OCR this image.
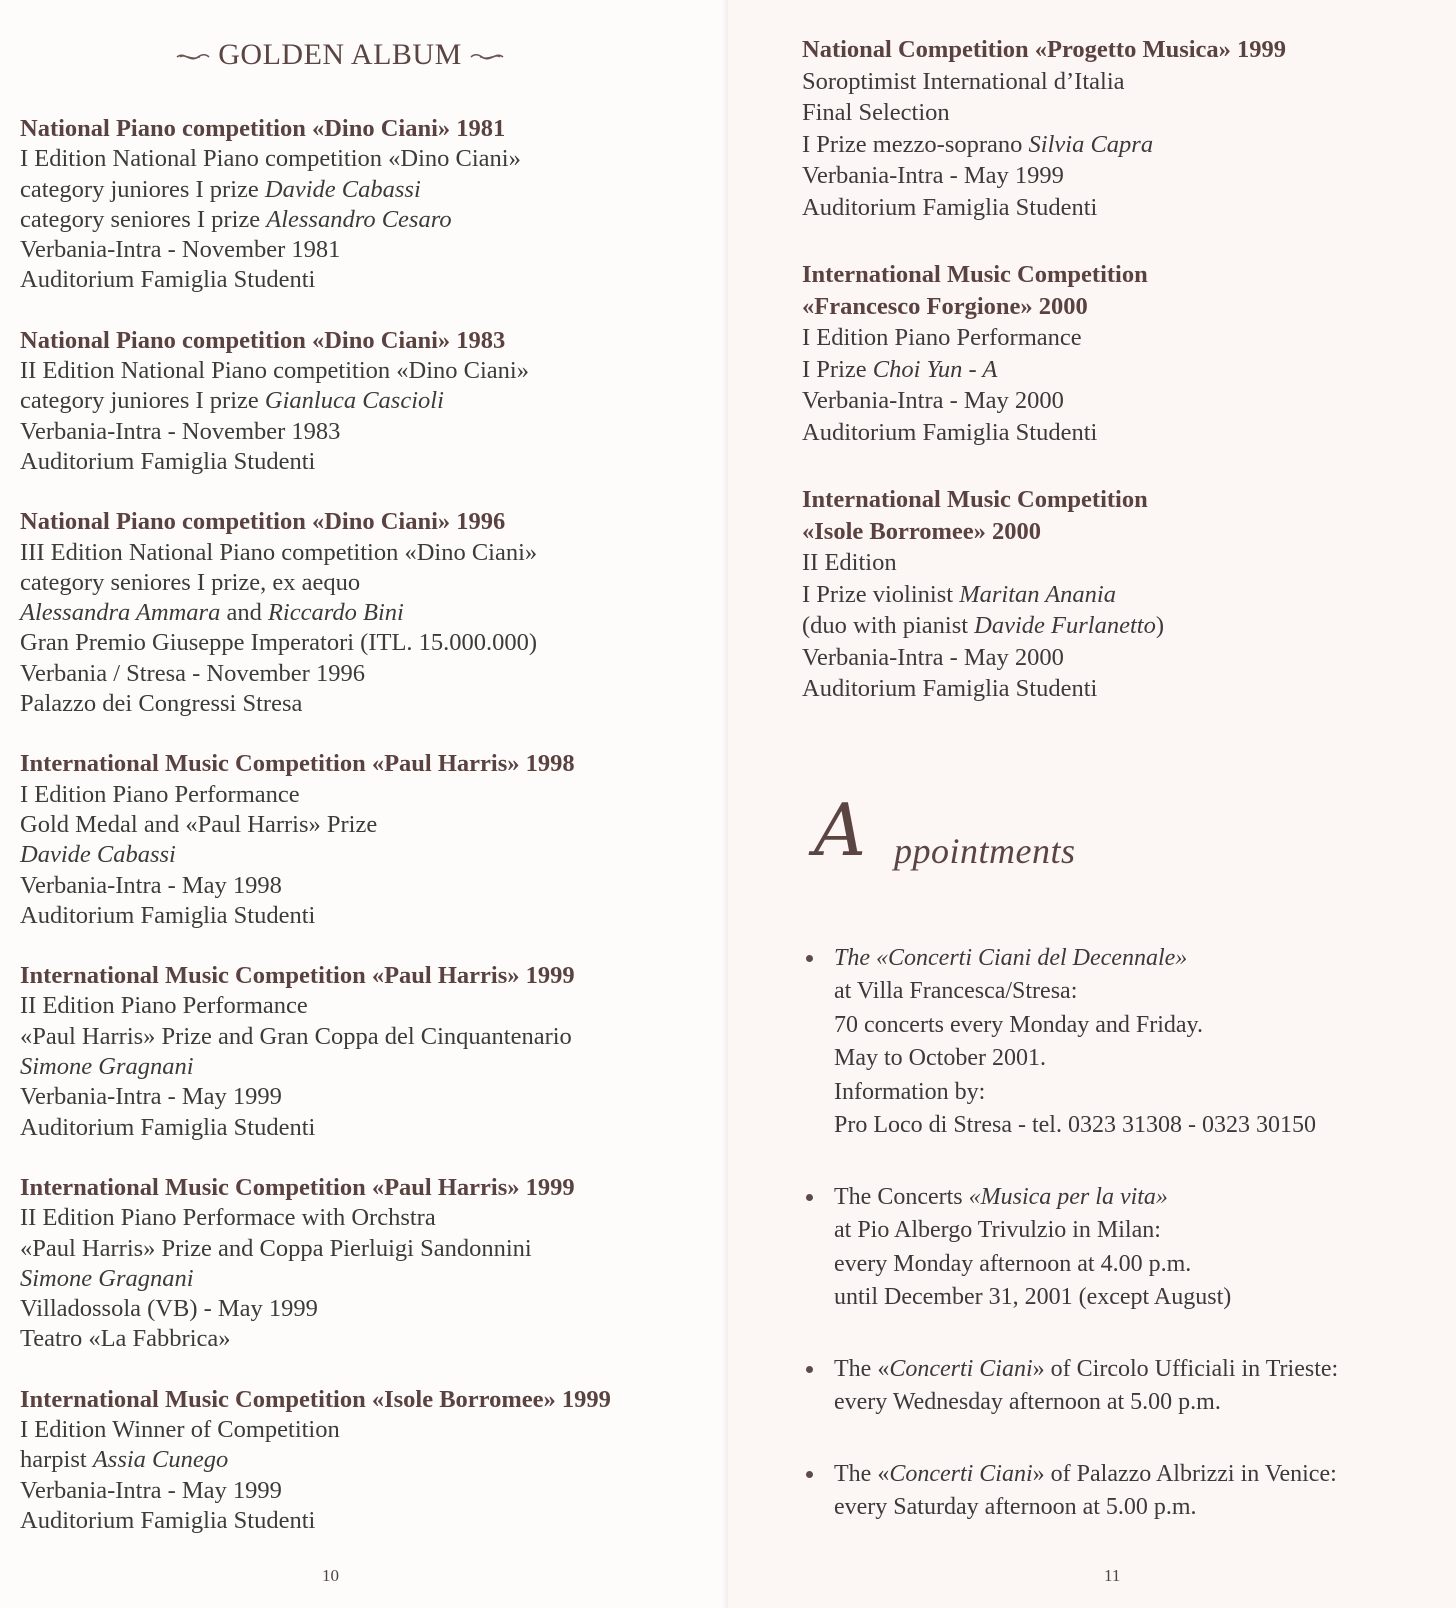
GOLDEN ALBUM
National Piano competition «Dino Ciani» 1981
I Edition National Piano competition «Dino Ciani»
category juniores I prize Davide Cabassi
category seniores I prize Alessandro Cesaro
Verbania-Intra - November 1981
Auditorium Famiglia Studenti
National Piano competition «Dino Ciani» 1983
II Edition National Piano competition «Dino Ciani»
category juniores I prize Gianluca Cascioli
Verbania-Intra - November 1983
Auditorium Famiglia Studenti
National Piano competition «Dino Ciani» 1996
III Edition National Piano competition «Dino Ciani»
category seniores I prize, ex aequo
Alessandra Ammara and Riccardo Bini
Gran Premio Giuseppe Imperatori (ITL. 15.000.000)
Verbania / Stresa - November 1996
Palazzo dei Congressi Stresa
International Music Competition «Paul Harris» 1998
I Edition Piano Performance
Gold Medal and «Paul Harris» Prize
Davide Cabassi
Verbania-Intra - May 1998
Auditorium Famiglia Studenti
International Music Competition «Paul Harris» 1999
II Edition Piano Performance
«Paul Harris» Prize and Gran Coppa del Cinquantenario
Simone Gragnani
Verbania-Intra - May 1999
Auditorium Famiglia Studenti
International Music Competition «Paul Harris» 1999
II Edition Piano Performace with Orchstra
«Paul Harris» Prize and Coppa Pierluigi Sandonnini
Simone Gragnani
Villadossola (VB) - May 1999
Teatro «La Fabbrica»
International Music Competition «Isole Borromee» 1999
I Edition Winner of Competition
harpist Assia Cunego
Verbania-Intra - May 1999
Auditorium Famiglia Studenti
10
National Competition «Progetto Musica» 1999
Soroptimist International d’Italia
Final Selection
I Prize mezzo-soprano Silvia Capra
Verbania-Intra - May 1999
Auditorium Famiglia Studenti
International Music Competition
«Francesco Forgione» 2000
I Edition Piano Performance
I Prize Choi Yun - A
Verbania-Intra - May 2000
Auditorium Famiglia Studenti
International Music Competition
«Isole Borromee» 2000
II Edition
I Prize violinist Maritan Anania
(duo with pianist Davide Furlanetto)
Verbania-Intra - May 2000
Auditorium Famiglia Studenti
A ppointments
The «Concerti Ciani del Decennale»
at Villa Francesca/Stresa:
70 concerts every Monday and Friday.
May to October 2001.
Information by:
Pro Loco di Stresa - tel. 0323 31308 - 0323 30150
The Concerts «Musica per la vita»
at Pio Albergo Trivulzio in Milan:
every Monday afternoon at 4.00 p.m.
until December 31, 2001 (except August)
The «Concerti Ciani» of Circolo Ufficiali in Trieste:
every Wednesday afternoon at 5.00 p.m.
The «Concerti Ciani» of Palazzo Albrizzi in Venice:
every Saturday afternoon at 5.00 p.m.
11
